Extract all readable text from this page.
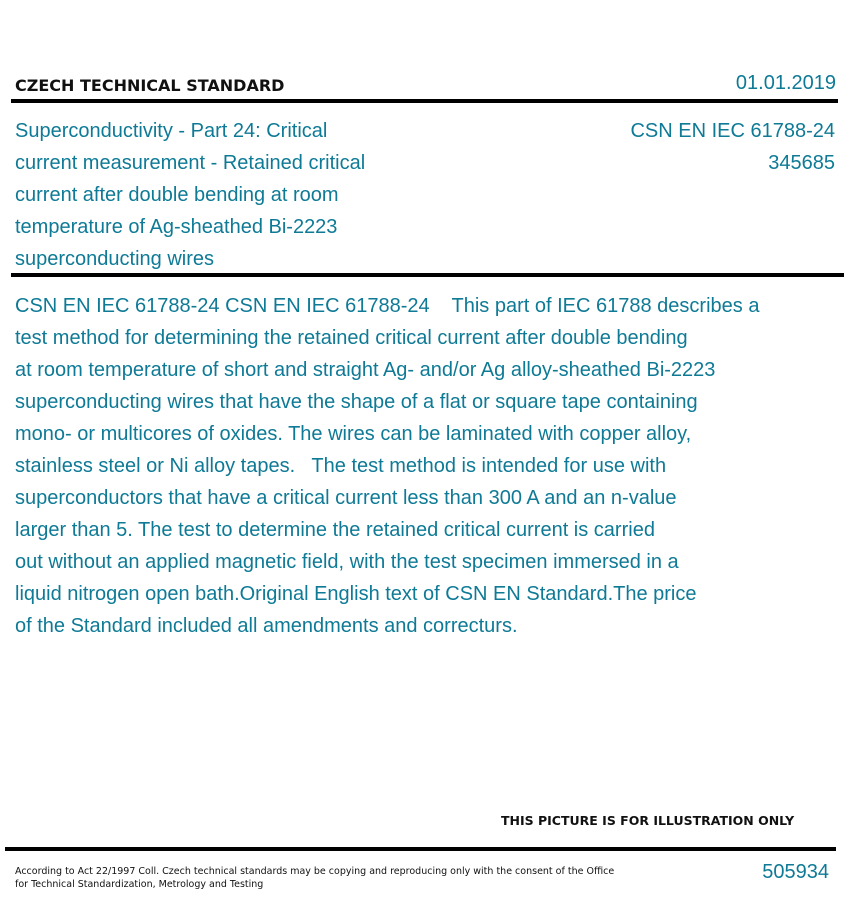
CZECH TECHNICAL STANDARD	01.01.2019
Superconductivity - Part 24: Critical
current measurement - Retained critical
current after double bending at room
temperature of Ag-sheathed Bi-2223
superconducting wires
CSN EN IEC 61788-24
345685
CSN EN IEC 61788-24 CSN EN IEC 61788-24    This part of IEC 61788 describes a
test method for determining the retained critical current after double bending
at room temperature of short and straight Ag- and/or Ag alloy-sheathed Bi-2223
superconducting wires that have the shape of a flat or square tape containing
mono- or multicores of oxides. The wires can be laminated with copper alloy,
stainless steel or Ni alloy tapes.   The test method is intended for use with
superconductors that have a critical current less than 300 A and an n-value
larger than 5. The test to determine the retained critical current is carried
out without an applied magnetic field, with the test specimen immersed in a
liquid nitrogen open bath.Original English text of CSN EN Standard.The price
of the Standard included all amendments and correcturs.
THIS PICTURE IS FOR ILLUSTRATION ONLY
According to Act 22/1997 Coll. Czech technical standards may be copying and reproducing only with the consent of the Office
for Technical Standardization, Metrology and Testing
505934
